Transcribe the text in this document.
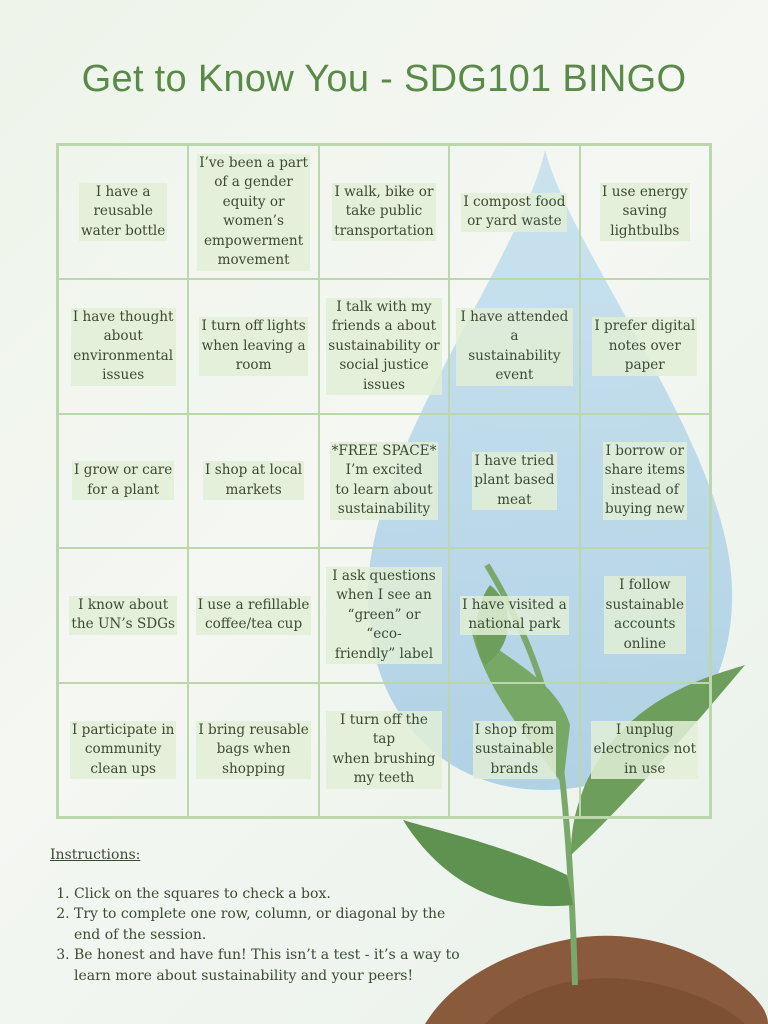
Get to Know You - SDG101 BINGO
I have a
reusable
water bottle
I’ve been a part
of a gender
equity or
women’s
empowerment
movement
I walk, bike or
take public
transportation
I compost food
or yard waste
I use energy
saving
lightbulbs
I have thought
about
environmental
issues
I turn off lights
when leaving a
room
I talk with my
friends a about
sustainability or
social justice
issues
I have attended a
sustainability
event
I prefer digital
notes over
paper
I grow or care
for a plant
I shop at local
markets
*FREE SPACE*
I’m excited
to learn about
sustainability
I have tried
plant based
meat
I borrow or
share items
instead of
buying new
I know about
the UN’s SDGs
I use a refillable
coffee/tea cup
I ask questions
when I see an
“green” or “eco-
friendly” label
I have visited a
national park
I follow
sustainable
accounts
online
I participate in
community
clean ups
I bring reusable
bags when
shopping
I turn off the tap
when brushing
my teeth
I shop from
sustainable
brands
I unplug
electronics not
in use
Instructions:
1. Click on the squares to check a box.
2. Try to complete one row, column, or diagonal by the end of the session.
3. Be honest and have fun! This isn’t a test - it’s a way to learn more about sustainability and your peers!
